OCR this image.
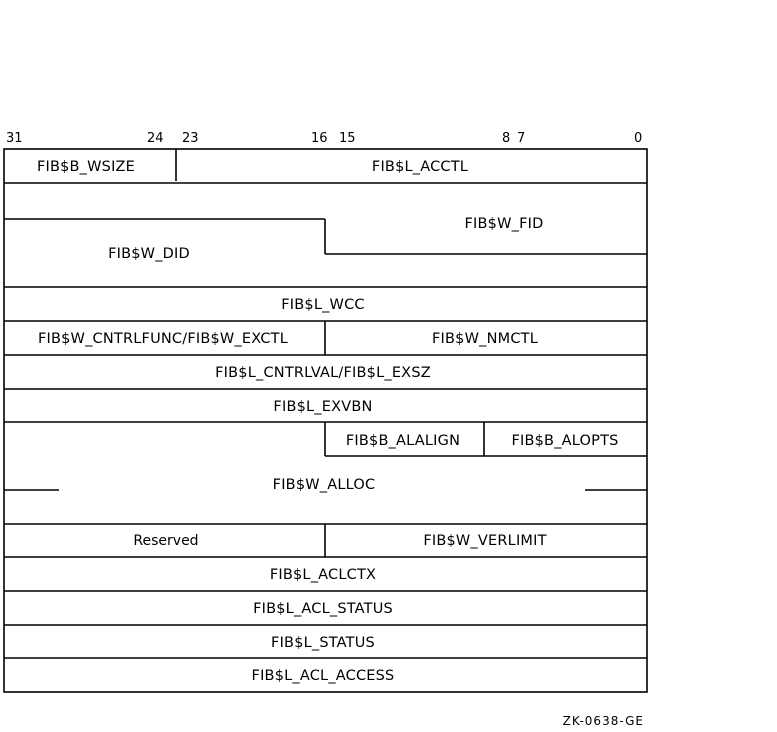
31	24 23	16 15	8 7	0
FIB$B_WSIZE	FIB$L_ACCTL
FIB$W_FID
FIB$W_DID
FIB$L_WCC
FIB$W_CNTRLFUNC/FIB$W_EXCTL	FIB$W_NMCTL
FIB$L_CNTRLVAL/FIB$L_EXSZ
FIB$L_EXVBN
FIB$B_ALALIGN	FIB$B_ALOPTS
FIB$W_ALLOC
Reserved	FIB$W_VERLIMIT
FIB$L_ACLCTX
FIB$L_ACL_STATUS
FIB$L_STATUS
FIB$L_ACL_ACCESS
ZK-0638-GE
